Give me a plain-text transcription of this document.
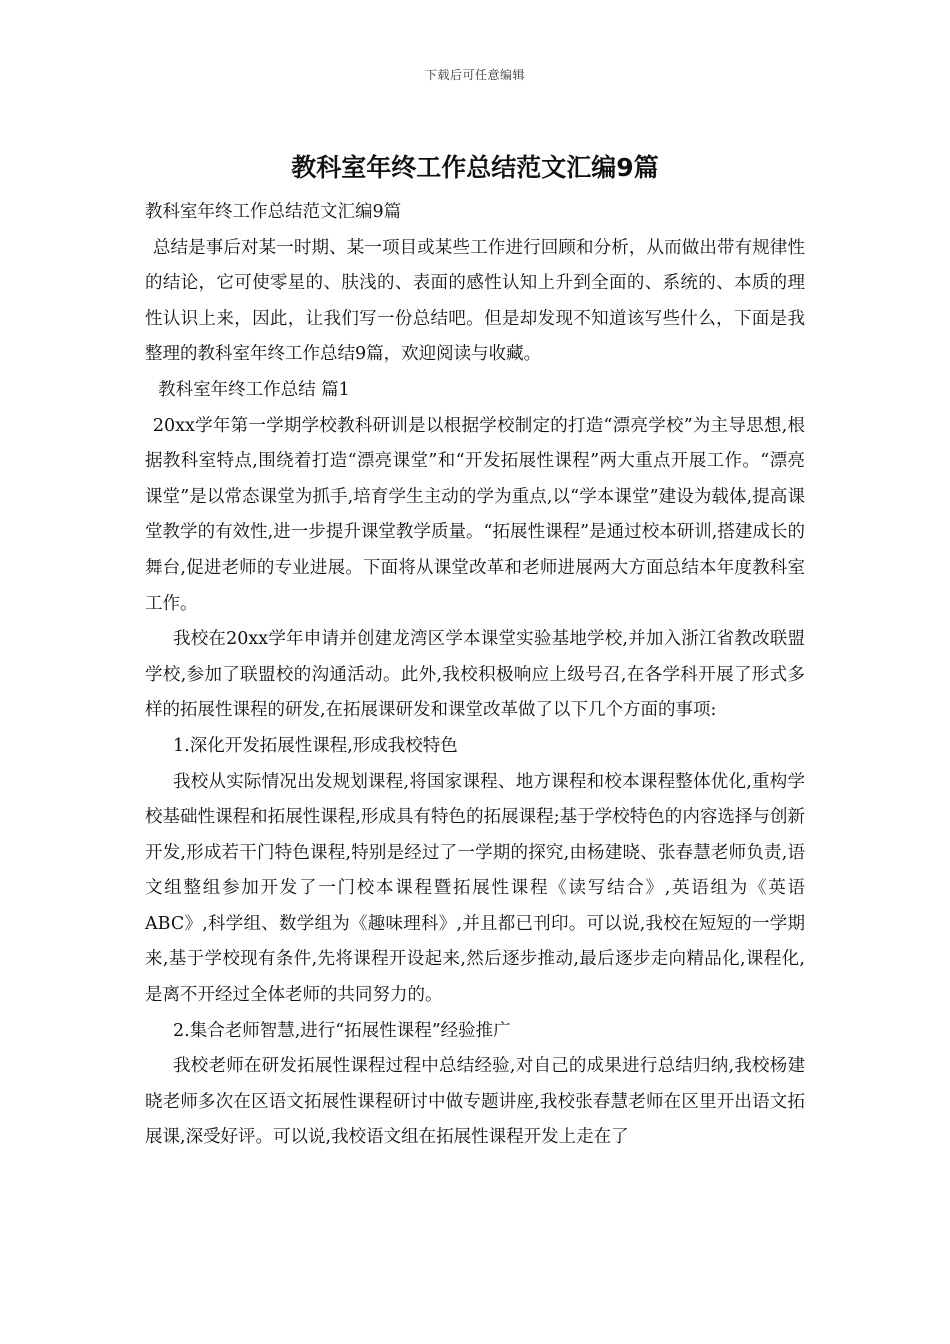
下载后可任意编辑
教科室年终工作总结范文汇编9篇

教科室年终工作总结范文汇编9篇

总结是事后对某一时期、某一项目或某些工作进行回顾和分析，从而做出带有规律性的结论，它可使零星的、肤浅的、表面的感性认知上升到全面的、系统的、本质的理性认识上来，因此，让我们写一份总结吧。但是却发现不知道该写些什么，下面是我整理的教科室年终工作总结9篇，欢迎阅读与收藏。

教科室年终工作总结 篇1

20xx学年第一学期学校教科研训是以根据学校制定的打造“漂亮学校”为主导思想,根据教科室特点,围绕着打造“漂亮课堂”和“开发拓展性课程”两大重点开展工作。“漂亮课堂”是以常态课堂为抓手,培育学生主动的学为重点,以“学本课堂”建设为载体,提高课堂教学的有效性,进一步提升课堂教学质量。“拓展性课程”是通过校本研训,搭建成长的舞台,促进老师的专业进展。下面将从课堂改革和老师进展两大方面总结本年度教科室工作。

我校在20xx学年申请并创建龙湾区学本课堂实验基地学校,并加入浙江省教改联盟学校,参加了联盟校的沟通活动。此外,我校积极响应上级号召,在各学科开展了形式多样的拓展性课程的研发,在拓展课研发和课堂改革做了以下几个方面的事项:

1.深化开发拓展性课程,形成我校特色

我校从实际情况出发规划课程,将国家课程、地方课程和校本课程整体优化,重构学校基础性课程和拓展性课程,形成具有特色的拓展课程;基于学校特色的内容选择与创新开发,形成若干门特色课程,特别是经过了一学期的探究,由杨建晓、张春慧老师负责,语文组整组参加开发了一门校本课程暨拓展性课程《读写结合》,英语组为《英语ABC》,科学组、数学组为《趣味理科》,并且都已刊印。可以说,我校在短短的一学期来,基于学校现有条件,先将课程开设起来,然后逐步推动,最后逐步走向精品化,课程化,是离不开经过全体老师的共同努力的。

2.集合老师智慧,进行“拓展性课程”经验推广

我校老师在研发拓展性课程过程中总结经验,对自己的成果进行总结归纳,我校杨建晓老师多次在区语文拓展性课程研讨中做专题讲座,我校张春慧老师在区里开出语文拓展课,深受好评。可以说,我校语文组在拓展性课程开发上走在了
